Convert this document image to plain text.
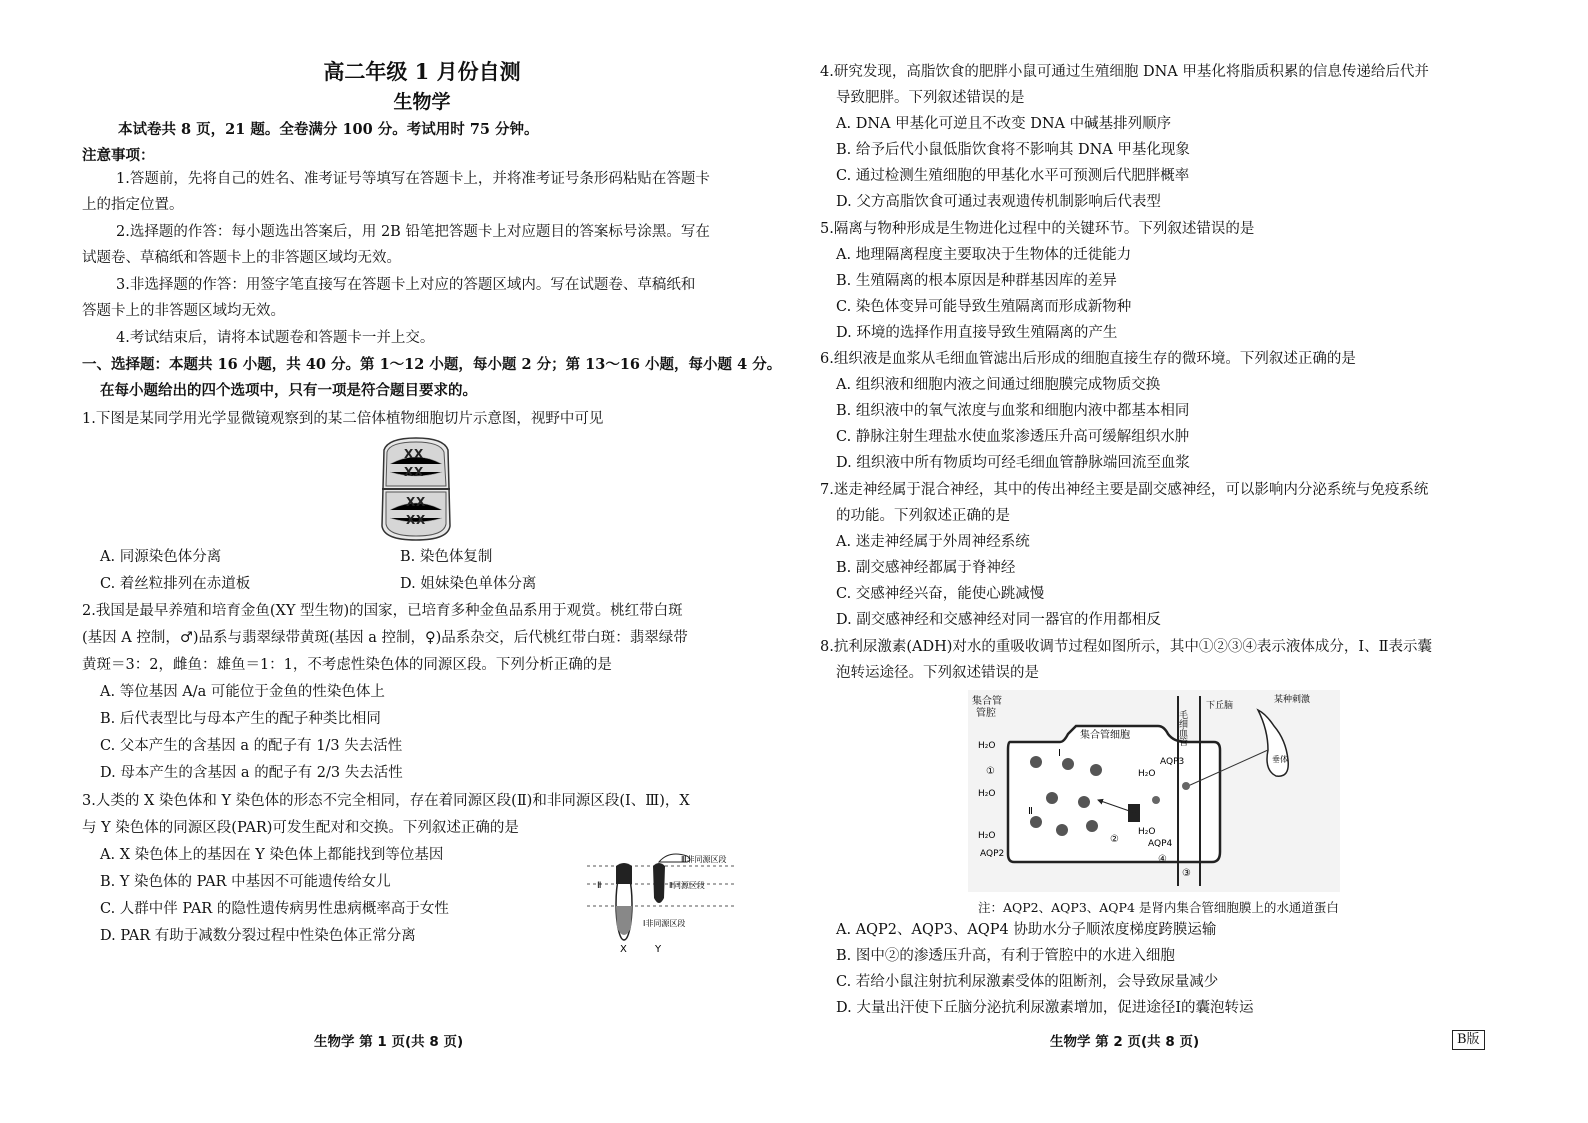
高二年级 1 月份自测
生物学
本试卷共 8 页，21 题。全卷满分 100 分。考试用时 75 分钟。
注意事项：
1.答题前，先将自己的姓名、准考证号等填写在答题卡上，并将准考证号条形码粘贴在答题卡
上的指定位置。
2.选择题的作答：每小题选出答案后，用 2B 铅笔把答题卡上对应题目的答案标号涂黑。写在
试题卷、草稿纸和答题卡上的非答题区域均无效。
3.非选择题的作答：用签字笔直接写在答题卡上对应的答题区域内。写在试题卷、草稿纸和
答题卡上的非答题区域均无效。
4.考试结束后，请将本试题卷和答题卡一并上交。
一、选择题：本题共 16 小题，共 40 分。第 1～12 小题，每小题 2 分；第 13～16 小题，每小题 4 分。
在每小题给出的四个选项中，只有一项是符合题目要求的。
1.下图是某同学用光学显微镜观察到的某二倍体植物细胞切片示意图，视野中可见
X X
X X
X X
X X
A. 同源染色体分离	B. 染色体复制
C. 着丝粒排列在赤道板	D. 姐妹染色单体分离
2.我国是最早养殖和培育金鱼(XY 型生物)的国家，已培育多种金鱼品系用于观赏。桃红带白斑
(基因 A 控制，♂)品系与翡翠绿带黄斑(基因 a 控制，♀)品系杂交，后代桃红带白斑：翡翠绿带
黄斑＝3：2，雌鱼：雄鱼＝1：1，不考虑性染色体的同源区段。下列分析正确的是
A. 等位基因 A/a 可能位于金鱼的性染色体上
B. 后代表型比与母本产生的配子种类比相同
C. 父本产生的含基因 a 的配子有 1/3 失去活性
D. 母本产生的含基因 a 的配子有 2/3 失去活性
3.人类的 X 染色体和 Y 染色体的形态不完全相同，存在着同源区段(Ⅱ)和非同源区段(Ⅰ、Ⅲ)，X
与 Y 染色体的同源区段(PAR)可发生配对和交换。下列叙述正确的是
A. X 染色体上的基因在 Y 染色体上都能找到等位基因
B. Y 染色体的 PAR 中基因不可能遗传给女儿
C. 人群中伴 PAR 的隐性遗传病男性患病概率高于女性
D. PAR 有助于减数分裂过程中性染色体正常分离
Ⅲ非同源区段
Ⅱ同源区段
Ⅰ非同源区段
Ⅱ
X	Y
生物学 第 1 页(共 8 页)
4.研究发现，高脂饮食的肥胖小鼠可通过生殖细胞 DNA 甲基化将脂质积累的信息传递给后代并
导致肥胖。下列叙述错误的是
A. DNA 甲基化可逆且不改变 DNA 中碱基排列顺序
B. 给予后代小鼠低脂饮食将不影响其 DNA 甲基化现象
C. 通过检测生殖细胞的甲基化水平可预测后代肥胖概率
D. 父方高脂饮食可通过表观遗传机制影响后代表型
5.隔离与物种形成是生物进化过程中的关键环节。下列叙述错误的是
A. 地理隔离程度主要取决于生物体的迁徙能力
B. 生殖隔离的根本原因是种群基因库的差异
C. 染色体变异可能导致生殖隔离而形成新物种
D. 环境的选择作用直接导致生殖隔离的产生
6.组织液是血浆从毛细血管滤出后形成的细胞直接生存的微环境。下列叙述正确的是
A. 组织液和细胞内液之间通过细胞膜完成物质交换
B. 组织液中的氧气浓度与血浆和细胞内液中都基本相同
C. 静脉注射生理盐水使血浆渗透压升高可缓解组织水肿
D. 组织液中所有物质均可经毛细血管静脉端回流至血浆
7.迷走神经属于混合神经，其中的传出神经主要是副交感神经，可以影响内分泌系统与免疫系统
的功能。下列叙述正确的是
A. 迷走神经属于外周神经系统
B. 副交感神经都属于脊神经
C. 交感神经兴奋，能使心跳减慢
D. 副交感神经和交感神经对同一器官的作用都相反
8.抗利尿激素(ADH)对水的重吸收调节过程如图所示，其中①②③④表示液体成分，Ⅰ、Ⅱ表示囊
泡转运途径。下列叙述错误的是
集合管
管腔
集合管细胞	毛细血管
下丘脑
某种刺激
垂体
H₂O
H₂O
H₂O
H₂O
H₂O
AQP2
AQP3
AQP4
Ⅰ
Ⅱ
①
②
③
④
注：AQP2、AQP3、AQP4 是肾内集合管细胞膜上的水通道蛋白
A. AQP2、AQP3、AQP4 协助水分子顺浓度梯度跨膜运输
B. 图中②的渗透压升高，有利于管腔中的水进入细胞
C. 若给小鼠注射抗利尿激素受体的阻断剂，会导致尿量减少
D. 大量出汗使下丘脑分泌抗利尿激素增加，促进途径Ⅰ的囊泡转运
生物学 第 2 页(共 8 页)	B版
